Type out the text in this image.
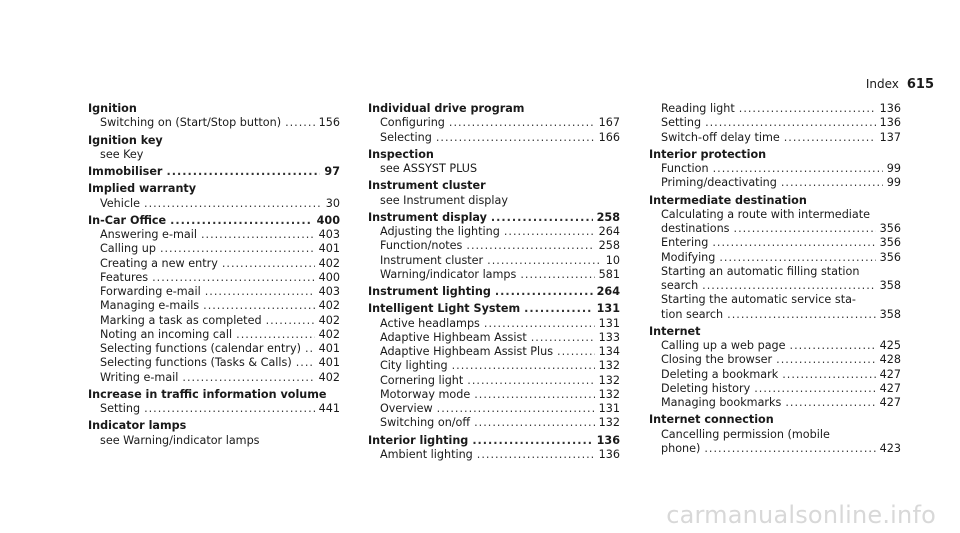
Index 615
Ignition
Switching on (Start/Stop button) .....	156
Ignition key
see Key
Immobiliser .....	97
Implied warranty
Vehicle .....	30
In-Car Office .....	400
Answering e-mail .....	403
Calling up .....	401
Creating a new entry .....	402
Features .....	400
Forwarding e-mail .....	403
Managing e-mails .....	402
Marking a task as completed .....	402
Noting an incoming call .....	402
Selecting functions (calendar entry) ..... 401
Selecting functions (Tasks & Calls) ..... 401
Writing e-mail .....	402
Increase in traffic information volume
Setting .....	441
Indicator lamps
see Warning/indicator lamps
Individual drive program
Configuring .....	167
Selecting .....	166
Inspection
see ASSYST PLUS
Instrument cluster
see Instrument display
Instrument display .....	258
Adjusting the lighting .....	264
Function/notes .....	258
Instrument cluster .....	10
Warning/indicator lamps .....	581
Instrument lighting .....	264
Intelligent Light System .....	131
Active headlamps .....	131
Adaptive Highbeam Assist .....	133
Adaptive Highbeam Assist Plus .....	134
City lighting .....	132
Cornering light .....	132
Motorway mode .....	132
Overview .....	131
Switching on/off .....	132
Interior lighting .....	136
Ambient lighting .....	136
Reading light .....	136
Setting .....	136
Switch-off delay time .....	137
Interior protection
Function .....	99
Priming/deactivating .....	99
Intermediate destination
Calculating a route with intermediate
destinations .....	356
Entering .....	356
Modifying .....	356
Starting an automatic filling station
search .....	358
Starting the automatic service sta-
tion search .....	358
Internet
Calling up a web page .....	425
Closing the browser .....	428
Deleting a bookmark .....	427
Deleting history .....	427
Managing bookmarks .....	427
Internet connection
Cancelling permission (mobile
phone) .....	423
carmanualsonline.info
